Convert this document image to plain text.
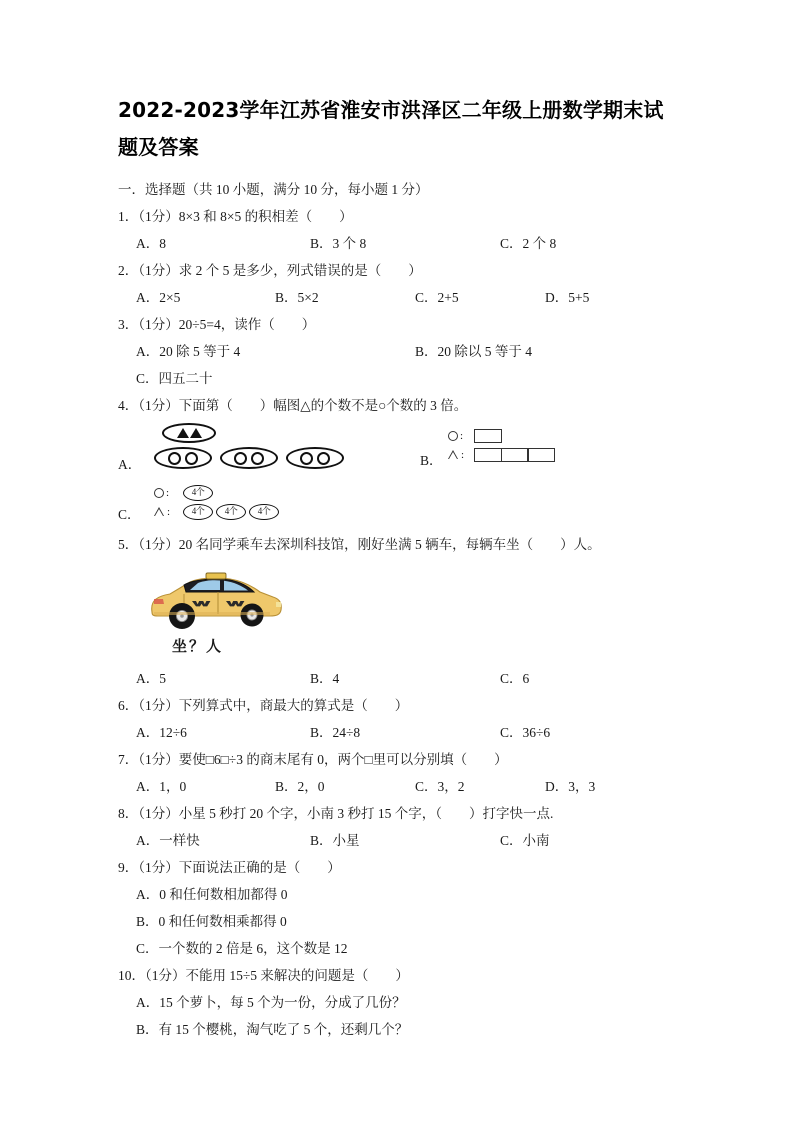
2022-2023学年江苏省淮安市洪泽区二年级上册数学期末试题及答案
一．选择题（共 10 小题，满分 10 分，每小题 1 分）
1．（1分）8×3 和 8×5 的积相差（　　）
A．8	B．3 个 8	C．2 个 8
2．（1分）求 2 个 5 是多少，列式错误的是（　　）
A．2×5	B．5×2	C．2+5	D．5+5
3．（1分）20÷5=4，读作（　　）
A．20 除 5 等于 4	B．20 除以 5 等于 4
C．四五二十
4．（1分）下面第（　　）幅图△的个数不是○个数的 3 倍。
A．	B．
:
:
C．
:	4个
:	4个	4个	4个
5．（1分）20 名同学乘车去深圳科技馆，刚好坐满 5 辆车，每辆车坐（　　）人。
坐？人
A．5	B．4	C．6
6．（1分）下列算式中，商最大的算式是（　　）
A．12÷6	B．24÷8	C．36÷6
7．（1分）要使□6□÷3 的商末尾有 0，两个□里可以分别填（　　）
A．1，0	B．2，0	C．3，2	D．3，3
8．（1分）小星 5 秒打 20 个字，小南 3 秒打 15 个字，（　　）打字快一点.
A．一样快	B．小星	C．小南
9．（1分）下面说法正确的是（　　）
A．0 和任何数相加都得 0
B．0 和任何数相乘都得 0
C．一个数的 2 倍是 6，这个数是 12
10．（1分）不能用 15÷5 来解决的问题是（　　）
A．15 个萝卜，每 5 个为一份，分成了几份？
B．有 15 个樱桃，淘气吃了 5 个，还剩几个？
